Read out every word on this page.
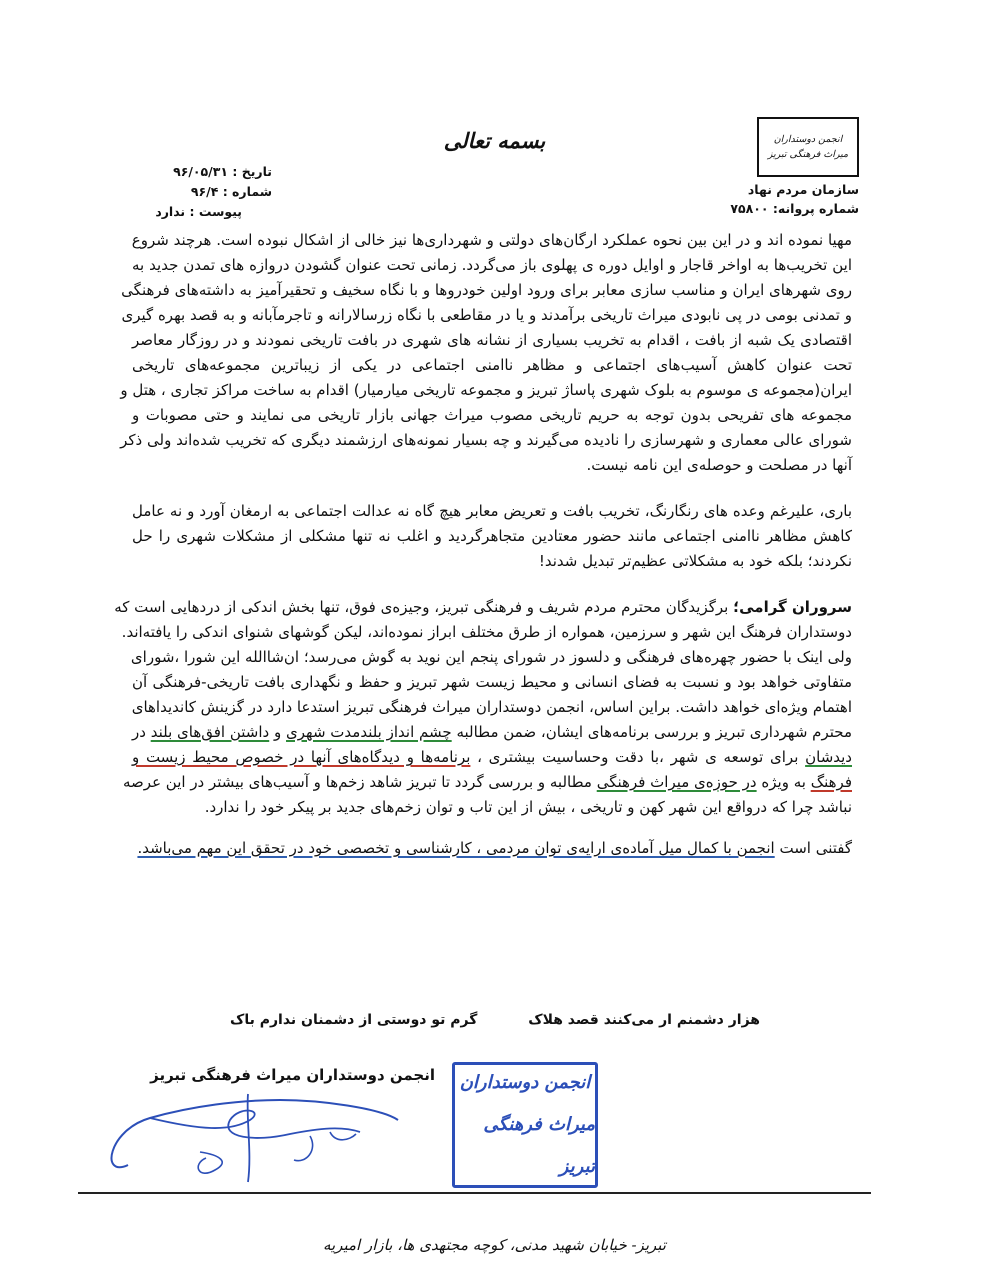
بسمه تعالی	انجمن دوستداران
میراث فرهنگی تبریز
سازمان مردم نهاد
شماره پروانه: ۷۵۸۰۰
تاریخ : ۹۶/۰۵/۳۱
شماره : ۹۶/۴
پیوست : ندارد
مهیا نموده اند و در این بین نحوه عملکرد ارگان‌های دولتی و شهرداری‌ها نیز خالی از اشکال نبوده است. هرچند شروع
این تخریب‌ها به اواخر قاجار و اوایل دوره ی پهلوی باز می‌گردد. زمانی تحت عنوان گشودن دروازه های تمدن جدید به
روی شهرهای ایران و مناسب سازی معابر برای ورود اولین خودروها و با نگاه سخیف و تحقیرآمیز به داشته‌های فرهنگی
و تمدنی بومی در پی نابودی میراث تاریخی برآمدند و یا در مقاطعی با نگاه زرسالارانه و تاجرمآبانه و به قصد بهره گیری
اقتصادی یک شبه از بافت ، اقدام به تخریب بسیاری از نشانه های شهری در بافت تاریخی نمودند و در روزگار معاصر
تحت عنوان کاهش آسیب‌های اجتماعی و مظاهر ناامنی اجتماعی در یکی از زیباترین مجموعه‌های تاریخی
ایران(مجموعه ی موسوم به بلوک شهری پاساژ تبریز و مجموعه تاریخی میارمیار) اقدام به ساخت مراکز تجاری ، هتل و
مجموعه های تفریحی بدون توجه به حریم تاریخی مصوب میراث جهانی بازار تاریخی می نمایند و حتی مصوبات و
شورای عالی معماری و شهرسازی را نادیده می‌گیرند و چه بسیار نمونه‌های ارزشمند دیگری که تخریب شده‌اند ولی ذکر
آنها در مصلحت و حوصله‌ی این نامه نیست.
باری، علیرغم وعده های رنگارنگ، تخریب بافت و تعریض معابر هیچ گاه نه عدالت اجتماعی به ارمغان آورد و نه عامل
کاهش مظاهر ناامنی اجتماعی مانند حضور معتادین متجاهرگردید و اغلب نه تنها مشکلی از مشکلات شهری را حل
نکردند؛ بلکه خود به مشکلاتی عظیم‌تر تبدیل شدند!
سروران گرامی؛ برگزیدگان محترم مردم شریف و فرهنگی تبریز، وجیزه‌ی فوق، تنها بخش اندکی از دردهایی است که
دوستداران فرهنگ این شهر و سرزمین، همواره از طرق مختلف ابراز نموده‌اند، لیکن گوشهای شنوای اندکی را یافته‌اند.
ولی اینک با حضور چهره‌های فرهنگی و دلسوز در شورای پنجم این نوید به گوش می‌رسد؛ ان‌شاالله این شورا ،شورای
متفاوتی خواهد بود و نسبت به فضای انسانی و محیط زیست شهر تبریز و حفظ و نگهداری بافت تاریخی-فرهنگی آن
اهتمام ویژه‌ای خواهد داشت. براین اساس، انجمن دوستداران میراث فرهنگی تبریز استدعا دارد در گزینش کاندیداهای
محترم شهرداری تبریز و بررسی برنامه‌های ایشان، ضمن مطالبه چشم انداز بلندمدت شهری و داشتن افق‌های بلند در
دیدشان برای توسعه ی شهر ،با دقت وحساسیت بیشتری ، برنامه‌ها و دیدگاه‌های آنها در خصوص محیط زیست و
فرهنگ به ویژه در حوزه‌ی میراث فرهنگی مطالبه و بررسی گردد تا تبریز شاهد زخم‌ها و آسیب‌های بیشتر در این عرصه
نباشد چرا که درواقع این شهر کهن و تاریخی ، بیش از این تاب و توان زخم‌های جدید بر پیکر خود را ندارد.
گفتنی است انجمن با کمال میل آماده‌ی ارایه‌ی توان مردمی ، کارشناسی و تخصصی خود در تحقق این مهم می‌باشد.
هزار دشمنم ار می‌کنند قصد هلاک
گرم تو دوستی از دشمنان ندارم باک
انجمن دوستداران میراث فرهنگی تبریز انجمن دوستداران
میراث فرهنگی تبریز
تبریز- خیابان شهید مدنی، کوچه مجتهدی ها، بازار امیریه
